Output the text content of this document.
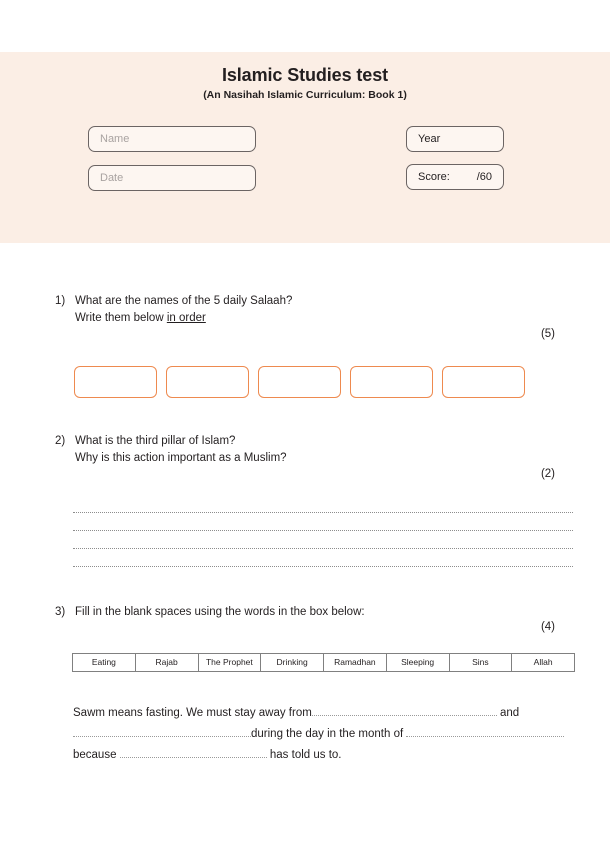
Islamic Studies test

(An Nasihah Islamic Curriculum: Book 1)

Name
Date
Year
Score: /60
1) What are the names of the 5 daily Salaah?
Write them below in order
(5)
2) What is the third pillar of Islam?
Why is this action important as a Muslim?
(2)
3) Fill in the blank spaces using the words in the box below:
(4)
Eating	Rajab	The Prophet	Drinking	Ramadhan	Sleeping	Sins	Allah
Sawm means fasting. We must stay away from	andduring the day in the month of because	has told us to.
